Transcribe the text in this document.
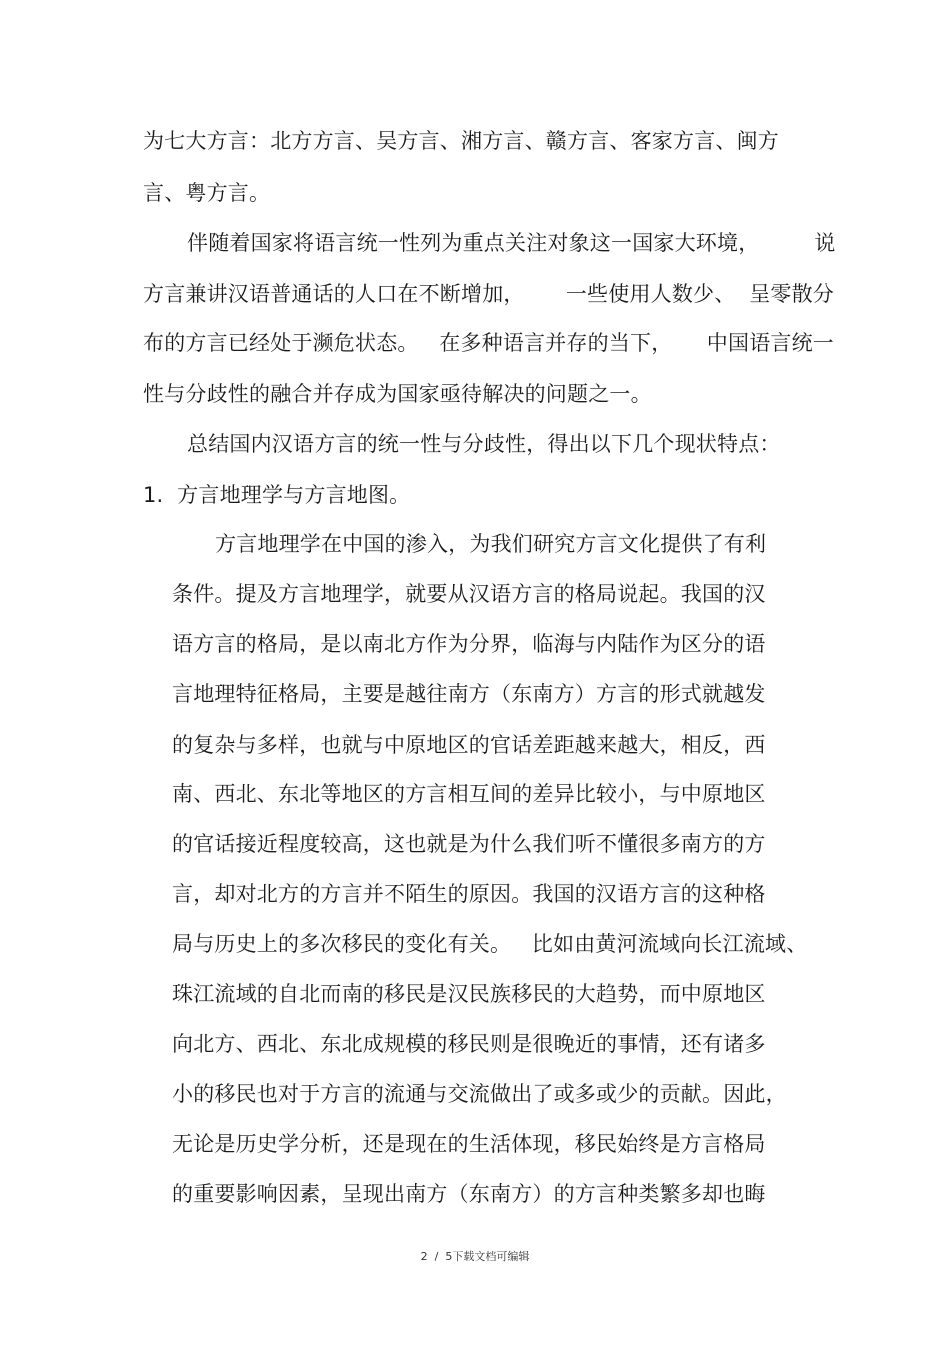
为七大方言：北方方言、吴方言、湘方言、赣方言、客家方言、闽方
言、粤方言。
伴随着国家将语言统一性列为重点关注对象这一国家大环境，        说
方言兼讲汉语普通话的人口在不断增加，      一些使用人数少、  呈零散分
布的方言已经处于濒危状态。   在多种语言并存的当下，     中国语言统一
性与分歧性的融合并存成为国家亟待解决的问题之一。
总结国内汉语方言的统一性与分歧性，得出以下几个现状特点：
1.  方言地理学与方言地图。
方言地理学在中国的渗入，为我们研究方言文化提供了有利
条件。提及方言地理学，就要从汉语方言的格局说起。我国的汉
语方言的格局，是以南北方作为分界，临海与内陆作为区分的语
言地理特征格局，主要是越往南方（东南方）方言的形式就越发
的复杂与多样，也就与中原地区的官话差距越来越大，相反，西
南、西北、东北等地区的方言相互间的差异比较小，与中原地区
的官话接近程度较高，这也就是为什么我们听不懂很多南方的方
言，却对北方的方言并不陌生的原因。我国的汉语方言的这种格
局与历史上的多次移民的变化有关。   比如由黄河流域向长江流域、
珠江流域的自北而南的移民是汉民族移民的大趋势，而中原地区
向北方、西北、东北成规模的移民则是很晚近的事情，还有诸多
小的移民也对于方言的流通与交流做出了或多或少的贡献。因此，
无论是历史学分析，还是现在的生活体现，移民始终是方言格局
的重要影响因素，呈现出南方（东南方）的方言种类繁多却也晦
2  /  5下载文档可编辑
